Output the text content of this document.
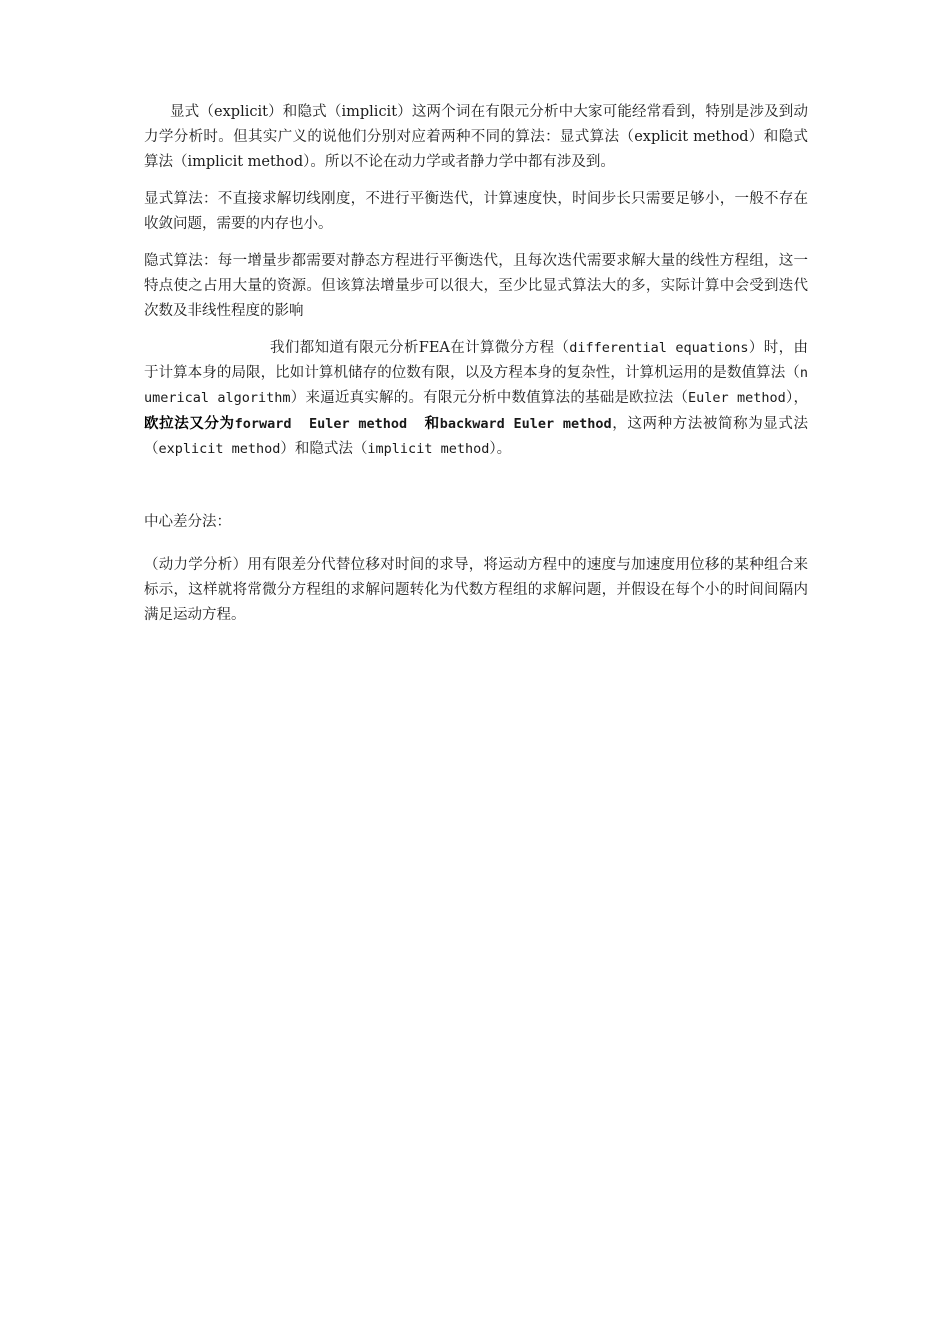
显式（explicit）和隐式（implicit）这两个词在有限元分析中大家可能经常看到，特别是涉及到动力学分析时。但其实广义的说他们分别对应着两种不同的算法：显式算法（explicit method）和隐式算法（implicit method）。所以不论在动力学或者静力学中都有涉及到。

显式算法：不直接求解切线刚度，不进行平衡迭代，计算速度快，时间步长只需要足够小，一般不存在收敛问题，需要的内存也小。

隐式算法：每一增量步都需要对静态方程进行平衡迭代，且每次迭代需要求解大量的线性方程组，这一特点使之占用大量的资源。但该算法增量步可以很大，至少比显式算法大的多，实际计算中会受到迭代次数及非线性程度的影响

我们都知道有限元分析FEA在计算微分方程（differential equations）时，由于计算本身的局限，比如计算机储存的位数有限，以及方程本身的复杂性，计算机运用的是数值算法（numerical algorithm）来逼近真实解的。有限元分析中数值算法的基础是欧拉法（Euler method），欧拉法又分为forward  Euler method  和backward Euler method，这两种方法被简称为显式法（explicit method）和隐式法（implicit method）。

中心差分法：

（动力学分析）用有限差分代替位移对时间的求导，将运动方程中的速度与加速度用位移的某种组合来标示，这样就将常微分方程组的求解问题转化为代数方程组的求解问题，并假设在每个小的时间间隔内满足运动方程。
